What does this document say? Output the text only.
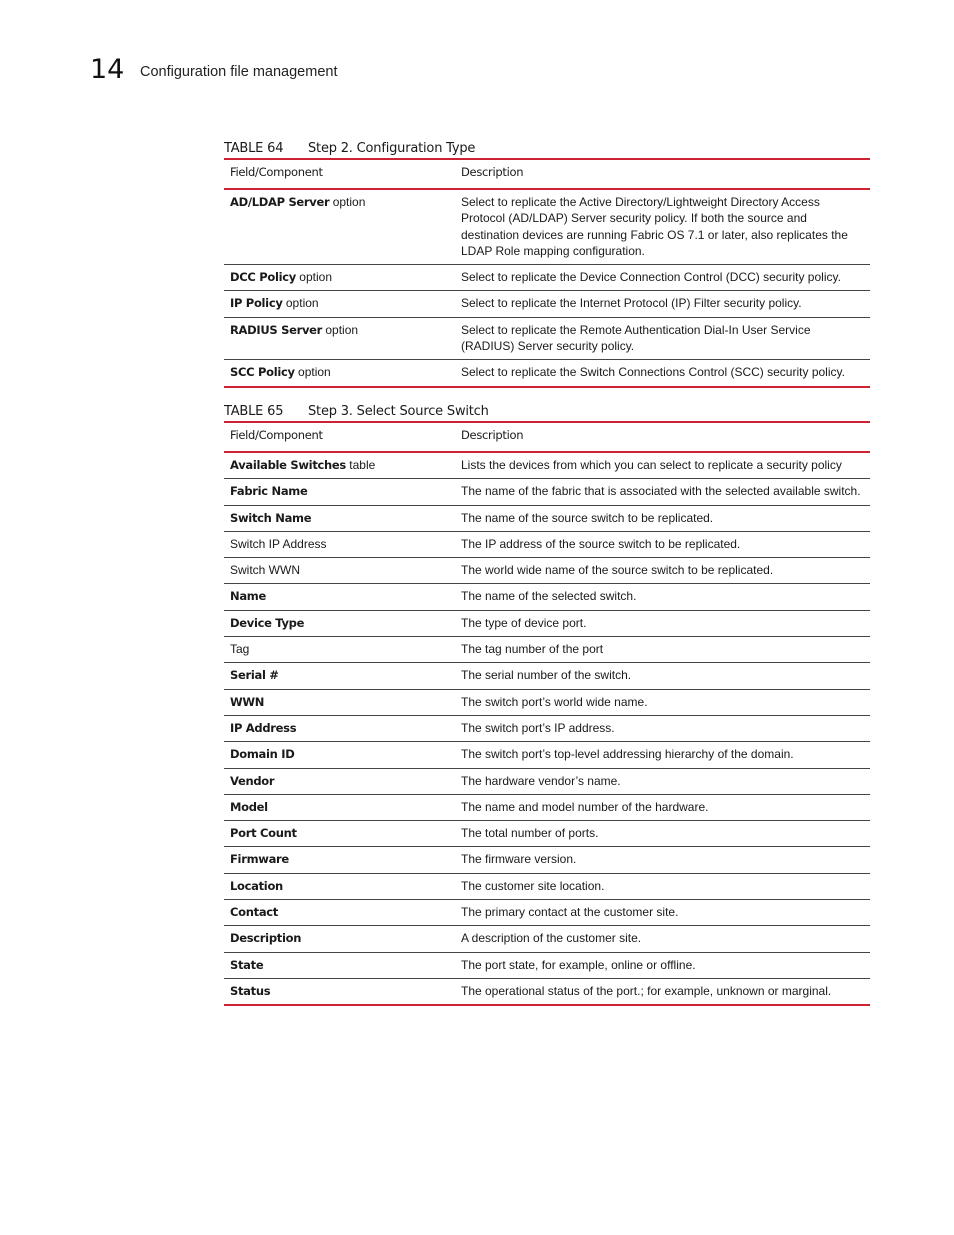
14 Configuration file management
TABLE 64	Step 2. Configuration Type
Field/Component	Description
AD/LDAP Server option	Select to replicate the Active Directory/Lightweight Directory Access Protocol (AD/LDAP) Server security policy. If both the source and destination devices are running Fabric OS 7.1 or later, also replicates the LDAP Role mapping configuration.
DCC Policy option	Select to replicate the Device Connection Control (DCC) security policy.
IP Policy option	Select to replicate the Internet Protocol (IP) Filter security policy.
RADIUS Server option	Select to replicate the Remote Authentication Dial-In User Service (RADIUS) Server security policy.
SCC Policy option	Select to replicate the Switch Connections Control (SCC) security policy.
TABLE 65	Step 3. Select Source Switch
Field/Component	Description
Available Switches table	Lists the devices from which you can select to replicate a security policy
Fabric Name	The name of the fabric that is associated with the selected available switch.
Switch Name	The name of the source switch to be replicated.
Switch IP Address	The IP address of the source switch to be replicated.
Switch WWN	The world wide name of the source switch to be replicated.
Name	The name of the selected switch.
Device Type	The type of device port.
Tag	The tag number of the port
Serial #	The serial number of the switch.
WWN	The switch port’s world wide name.
IP Address	The switch port’s IP address.
Domain ID	The switch port’s top-level addressing hierarchy of the domain.
Vendor	The hardware vendor’s name.
Model	The name and model number of the hardware.
Port Count	The total number of ports.
Firmware	The firmware version.
Location	The customer site location.
Contact	The primary contact at the customer site.
Description	A description of the customer site.
State	The port state, for example, online or offline.
Status	The operational status of the port.; for example, unknown or marginal.
